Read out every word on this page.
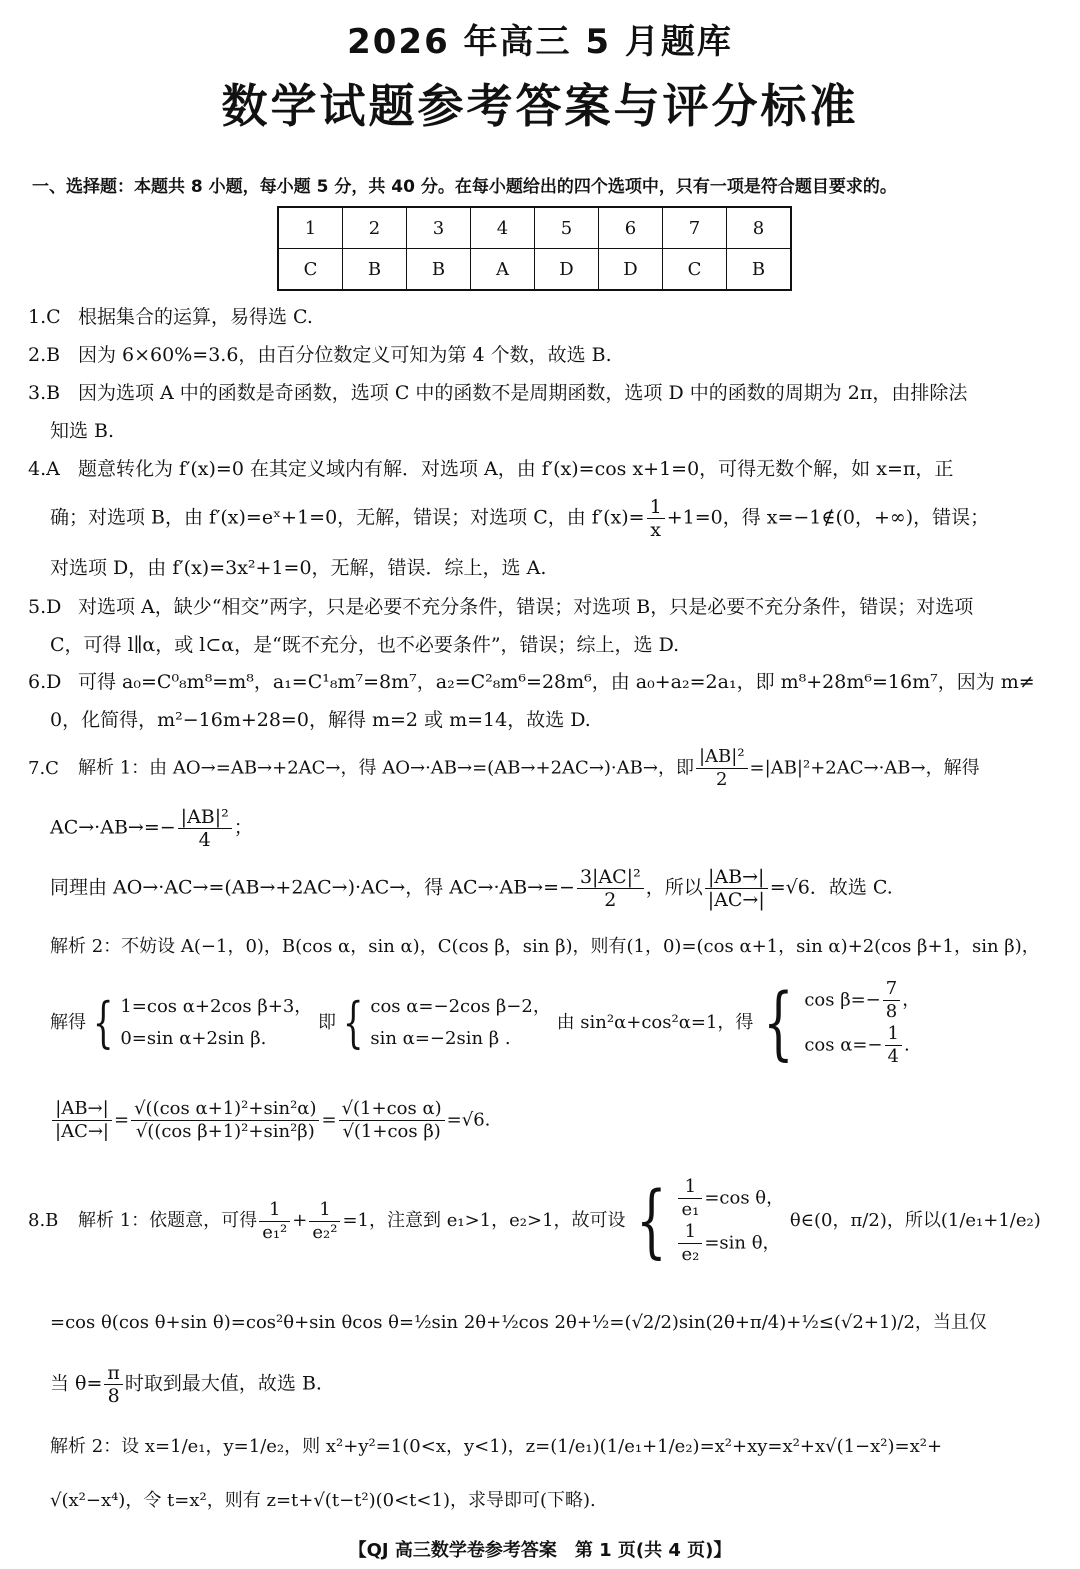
2026 年高三 5 月题库
数学试题参考答案与评分标准
一、选择题：本题共 8 小题，每小题 5 分，共 40 分。在每小题给出的四个选项中，只有一项是符合题目要求的。
1	2	3	4	5	6	7	8
C	B	B	A	D	D	C	B
1.C 根据集合的运算，易得选 C.
2.B 因为 6×60%=3.6，由百分位数定义可知为第 4 个数，故选 B.
3.B 因为选项 A 中的函数是奇函数，选项 C 中的函数不是周期函数，选项 D 中的函数的周期为 2π，由排除法
知选 B.
4.A 题意转化为 f′(x)=0 在其定义域内有解．对选项 A，由 f′(x)=cos x+1=0，可得无数个解，如 x=π，正
确；对选项 B，由 f′(x)=eˣ+1=0，无解，错误；对选项 C，由 $f'(x)= \frac{1}{x} +1=0$，得 x=−1∉(0，+∞)，错误；
对选项 D，由 f′(x)=3x²+1=0，无解，错误．综上，选 A.
5.D 对选项 A，缺少“相交”两字，只是必要不充分条件，错误；对选项 B，只是必要不充分条件，错误；对选项
C，可得 l∥α，或 l⊂α，是“既不充分，也不必要条件”，错误；综上，选 D.
6.D 可得 a₀=C⁰₈m⁸=m⁸，a₁=C¹₈m⁷=8m⁷，a₂=C²₈m⁶=28m⁶，由 a₀+a₂=2a₁，即 m⁸+28m⁶=16m⁷，因为 m≠
0，化简得，m²−16m+28=0，解得 m=2 或 m=14，故选 D.
7.C 解析 1：由 AO→=AB→+2AC→，得 AO→·AB→=(AB→+2AC→)·AB→，即 $\frac{\text{|AB|²}}{2} =|AB|^2+2AC\to\cdot AB\to$，解得
$AC\to\cdot AB\to=- \frac{\text{|AB|²}}{4}$ ；
同理由 AO→·AC→=(AB→+2AC→)·AC→，得 $AC\to\cdot AB\to=- \frac{\text{3|AC|²}}{2}$ ，所以 $\frac{|AB\to|}{|AC\to|} =√6$．故选 C.
解析 2：不妨设 A(−1，0)，B(cos α，sin α)，C(cos β，sin β)，则有(1，0)=(cos α+1，sin α)+2(cos β+1，sin β)，
解得 { 1=cos α+2cos β+3，
0=sin α+2sin β.
即 { cos α=−2cos β−2，
sin α=−2sin β .
由 sin²α+cos²α=1，得 { $\cos \beta=- \frac{7}{8}$ ，
$\cos \alpha=- \frac{1}{4}$ .
$\frac{|AB\to|}{|AC\to|} = \frac{\text{√((cos α+1)²+sin²α)}}{\text{√((cos β+1)²+sin²β)}} = \frac{\text{√(1+cos α)}}{\text{√(1+cos β)}} =√6$.
8.B 解析 1：依题意，可得 $\frac{1}{\text{e₁²}} + \frac{1}{\text{e₂²}} =1$，注意到 e₁>1，e₂>1，故可设 { $\frac{1}{\text{e₁}} =\cos$ θ，
$\frac{1}{\text{e₂}} =\sin$ θ，
θ∈(0，π/2)，所以(1/e₁+1/e₂)
=cos θ(cos θ+sin θ)=cos²θ+sin θcos θ=½sin 2θ+½cos 2θ+½=(√2/2)sin(2θ+π/4)+½≤(√2+1)/2，当且仅
当 $\theta= \frac{\pi}{8}$ 时取到最大值，故选 B.
解析 2：设 x=1/e₁，y=1/e₂，则 x²+y²=1(0<x，y<1)，z=(1/e₁)(1/e₁+1/e₂)=x²+xy=x²+x√(1−x²)=x²+
√(x²−x⁴)，令 t=x²，则有 z=t+√(t−t²)(0<t<1)，求导即可(下略).
【QJ 高三数学卷参考答案　第 1 页(共 4 页)】
